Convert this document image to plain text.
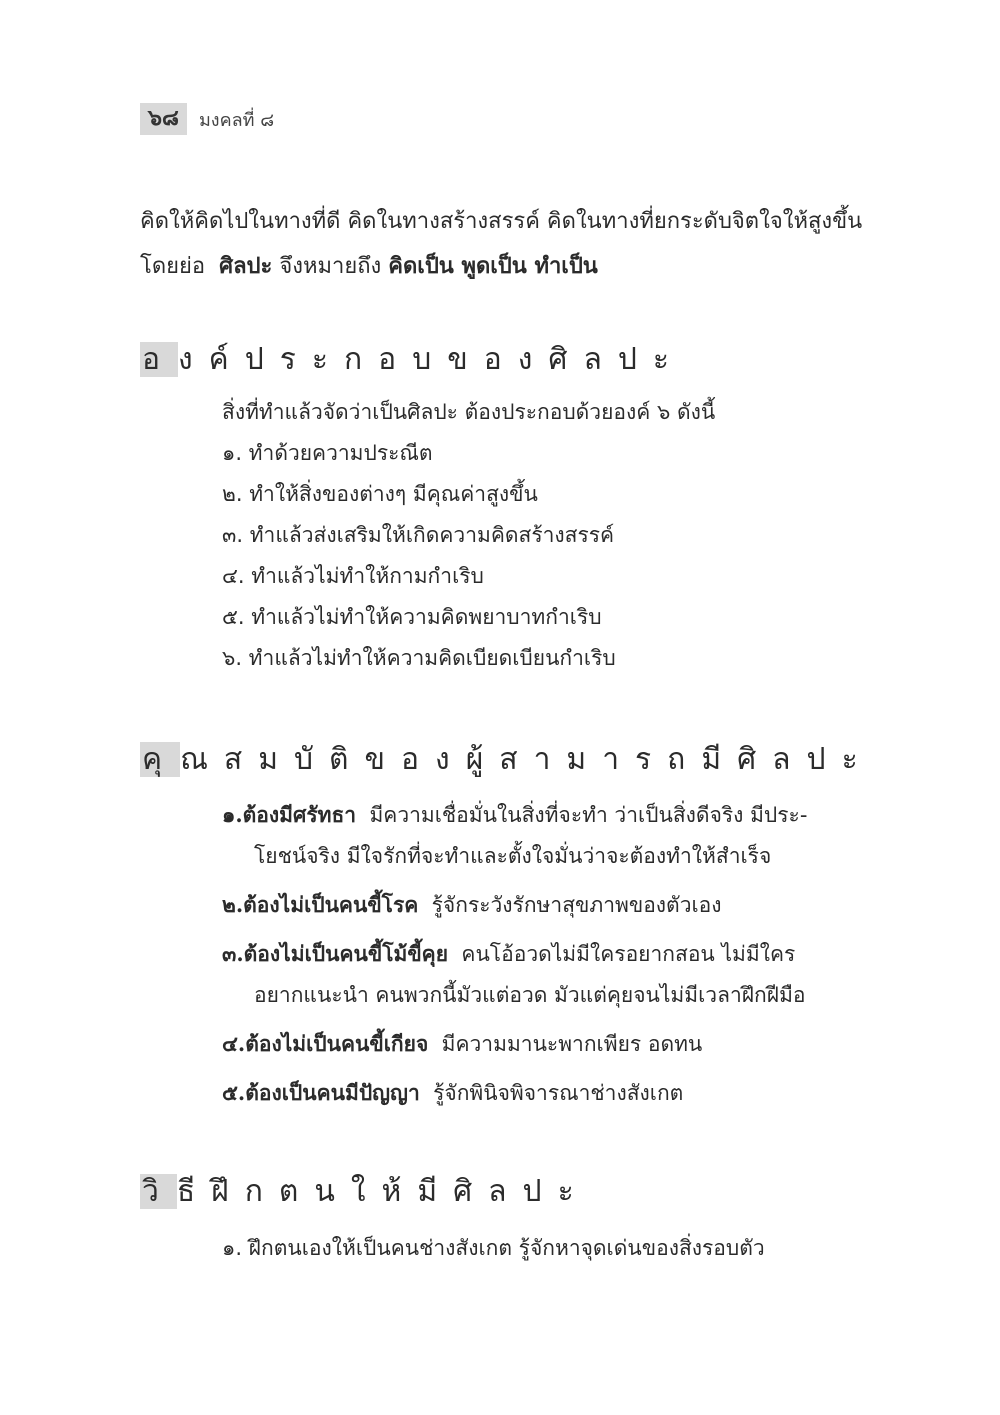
๖๘	มงคลที่ ๘

คิดให้คิดไปในทางที่ดี คิดในทางสร้างสรรค์ คิดในทางที่ยกระดับจิตใจให้สูงขึ้น

โดยย่อ ศิลปะ จึงหมายถึง คิดเป็น พูดเป็น ทำเป็น

องค์ประกอบของศิลปะ
สิ่งที่ทำแล้วจัดว่าเป็นศิลปะ ต้องประกอบด้วยองค์ ๖ ดังนี้
๑. ทำด้วยความประณีต
๒. ทำให้สิ่งของต่างๆ มีคุณค่าสูงขึ้น
๓. ทำแล้วส่งเสริมให้เกิดความคิดสร้างสรรค์
๔. ทำแล้วไม่ทำให้กามกำเริบ
๕. ทำแล้วไม่ทำให้ความคิดพยาบาทกำเริบ
๖. ทำแล้วไม่ทำให้ความคิดเบียดเบียนกำเริบ
คุณสมบัติของผู้สามารถมีศิลปะ
๑.ต้องมีศรัทธา มีความเชื่อมั่นในสิ่งที่จะทำ ว่าเป็นสิ่งดีจริง มีประ-
โยชน์จริง มีใจรักที่จะทำและตั้งใจมั่นว่าจะต้องทำให้สำเร็จ
๒.ต้องไม่เป็นคนขี้โรค รู้จักระวังรักษาสุขภาพของตัวเอง
๓.ต้องไม่เป็นคนขี้โม้ขี้คุย คนโอ้อวดไม่มีใครอยากสอน ไม่มีใคร
อยากแนะนำ คนพวกนี้มัวแต่อวด มัวแต่คุยจนไม่มีเวลาฝึกฝีมือ
๔.ต้องไม่เป็นคนขี้เกียจ มีความมานะพากเพียร อดทน
๕.ต้องเป็นคนมีปัญญา รู้จักพินิจพิจารณาช่างสังเกต
วิธีฝึกตนให้มีศิลปะ
๑. ฝึกตนเองให้เป็นคนช่างสังเกต รู้จักหาจุดเด่นของสิ่งรอบตัว
